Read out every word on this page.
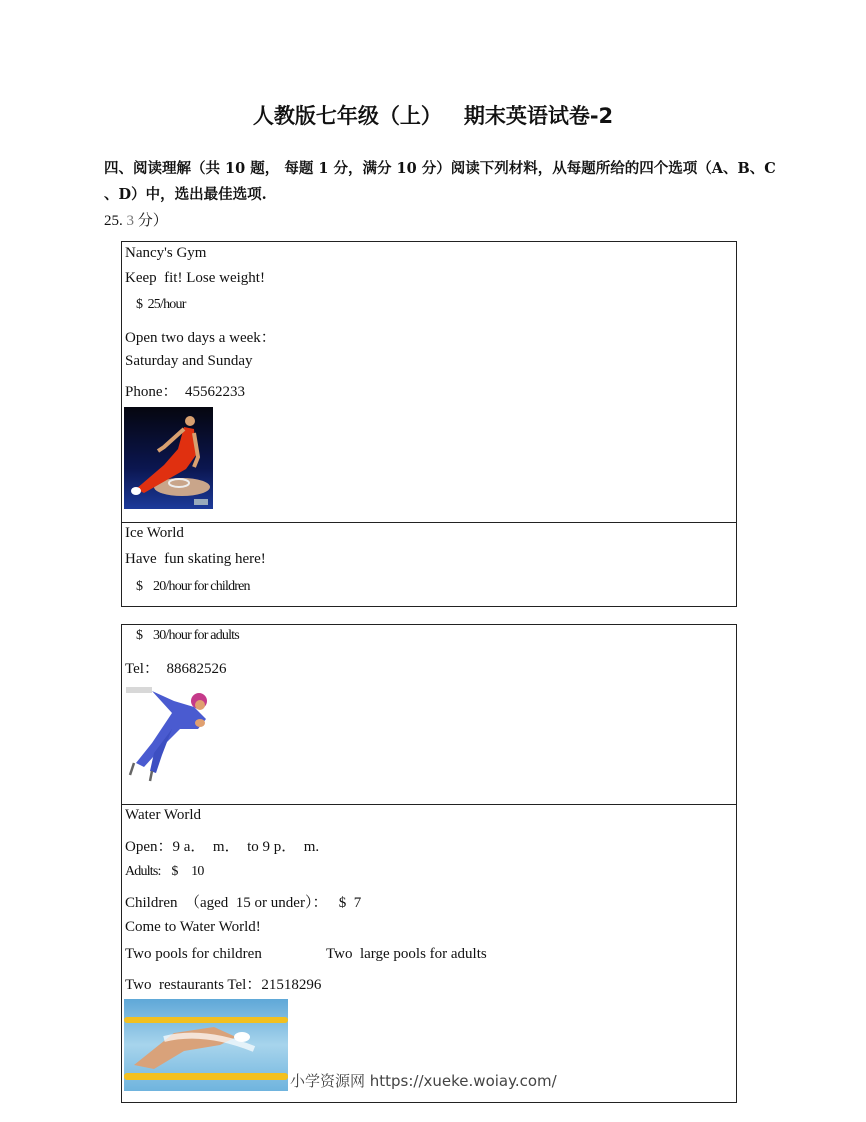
人教版七年级（上） 期末英语试卷-2
四、阅读理解（共 10 题， 每题 1 分，满分 10 分）阅读下列材料，从每题所给的四个选项（A、B、C 、D）中，选出最佳选项.
25. 3 分）
Nancy's Gym
Keep  fit! Lose weight!
$  25/hour
Open two days a week：
Saturday and Sunday
Phone：  45562233
Ice World
Have  fun skating here!
$    20/hour for children
$    30/hour for adults
Tel：  88682526
Water World
Open：9 a．  m．  to 9 p．  m.
Adults:    $     10
Children  （aged  15 or under）：   $  7
Come to Water World!
Two pools for children	Two  large pools for adults
Two  restaurants Tel：21518296
小学资源网 https://xueke.woiay.com/
